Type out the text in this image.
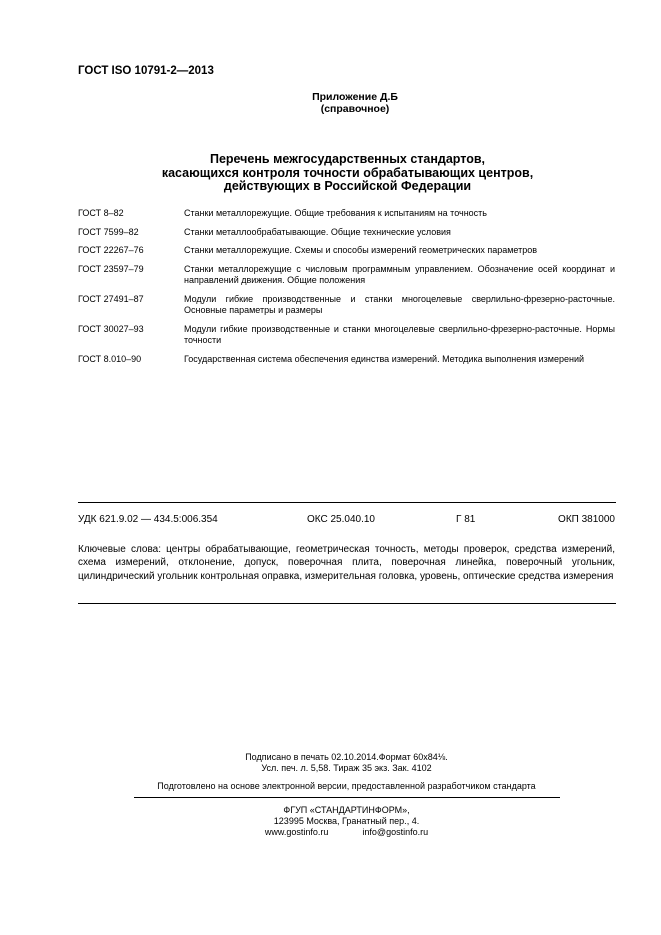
ГОСТ ISO 10791-2—2013
Приложение Д.Б
(справочное)
Перечень межгосударственных стандартов,
касающихся контроля точности обрабатывающих центров,
действующих в Российской Федерации
ГОСТ 8–82	Станки металлорежущие. Общие требования к испытаниям на точность
ГОСТ 7599–82	Станки металлообрабатывающие. Общие технические условия
ГОСТ 22267–76	Станки металлорежущие. Схемы и способы измерений геометрических параметров
ГОСТ 23597–79	Станки металлорежущие с числовым программным управлением. Обозначение осей координат и направлений движения. Общие положения
ГОСТ 27491–87	Модули гибкие производственные и станки многоцелевые сверлильно-фрезерно-расточные. Основные параметры и размеры
ГОСТ 30027–93	Модули гибкие производственные и станки многоцелевые сверлильно-фрезерно-расточные. Нормы точности
ГОСТ 8.010–90	Государственная система обеспечения единства измерений. Методика выполнения измерений
УДК 621.9.02 — 434.5:006.354	ОКС 25.040.10	Г 81	ОКП 381000
Ключевые слова: центры обрабатывающие, геометрическая точность, методы проверок, средства измерений, схема измерений, отклонение, допуск, поверочная плита, поверочная линейка, поверочный угольник, цилиндрический угольник контрольная оправка, измерительная головка, уровень, оптические средства измерения
Подписано в печать 02.10.2014.Формат 60x84⅛.
Усл. печ. л. 5,58. Тираж 35 экз. Зак. 4102
Подготовлено на основе электронной версии, предоставленной разработчиком стандарта
ФГУП «СТАНДАРТИНФОРМ»,
123995 Москва, Гранатный пер., 4.
www.gostinfo.ru	info@gostinfo.ru
